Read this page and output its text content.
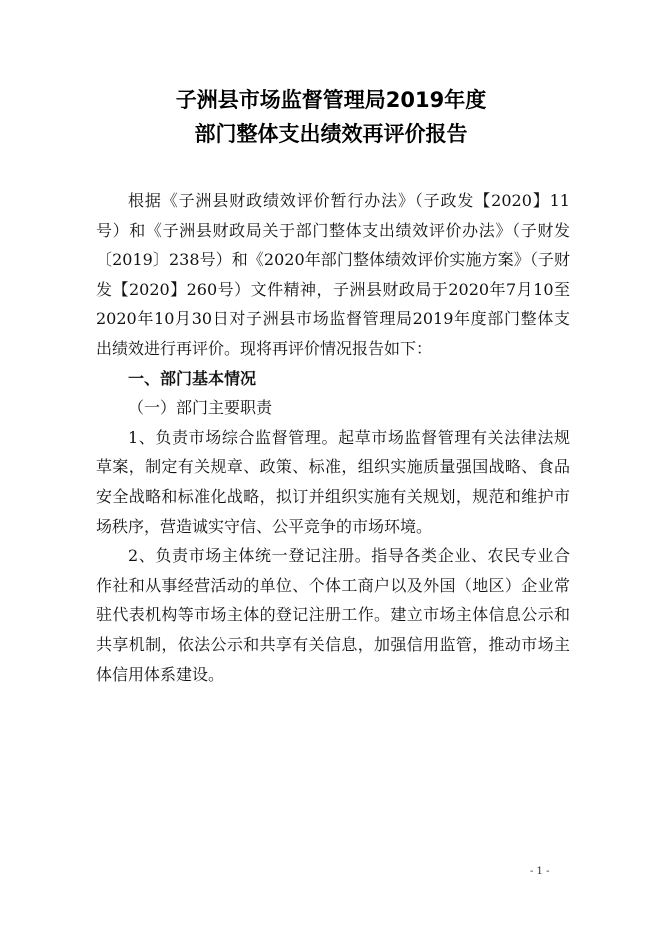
子洲县市场监督管理局2019年度
部门整体支出绩效再评价报告

根据《子洲县财政绩效评价暂行办法》（子政发【2020】11号）和《子洲县财政局关于部门整体支出绩效评价办法》（子财发〔2019〕238号）和《2020年部门整体绩效评价实施方案》（子财发【2020】260号）文件精神，子洲县财政局于2020年7月10至2020年10月30日对子洲县市场监督管理局2019年度部门整体支出绩效进行再评价。现将再评价情况报告如下：

一、部门基本情况

（一）部门主要职责

1、负责市场综合监督管理。起草市场监督管理有关法律法规草案，制定有关规章、政策、标准，组织实施质量强国战略、食品安全战略和标准化战略，拟订并组织实施有关规划，规范和维护市场秩序，营造诚实守信、公平竞争的市场环境。

2、负责市场主体统一登记注册。指导各类企业、农民专业合作社和从事经营活动的单位、个体工商户以及外国（地区）企业常驻代表机构等市场主体的登记注册工作。建立市场主体信息公示和共享机制，依法公示和共享有关信息，加强信用监管，推动市场主体信用体系建设。

- 1 -
